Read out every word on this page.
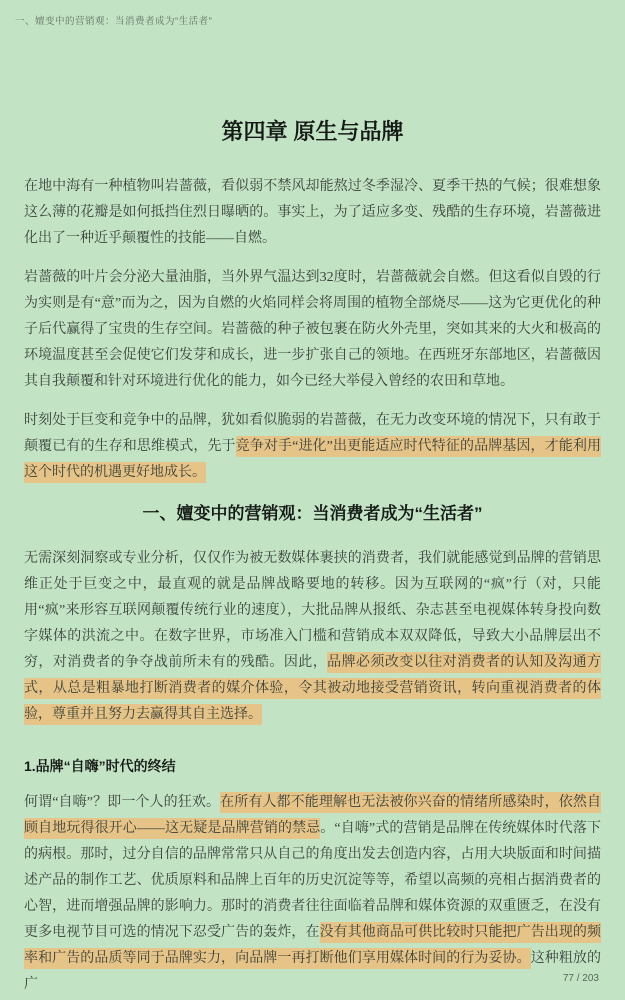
一、嬗变中的营销观：当消费者成为“生活者”
第四章 原生与品牌

在地中海有一种植物叫岩蔷薇，看似弱不禁风却能熬过冬季湿冷、夏季干热的气候；很难想象这么薄的花瓣是如何抵挡住烈日曝晒的。事实上，为了适应多变、残酷的生存环境，岩蔷薇进化出了一种近乎颠覆性的技能——自燃。

岩蔷薇的叶片会分泌大量油脂，当外界气温达到32度时，岩蔷薇就会自燃。但这看似自毁的行为实则是有“意”而为之，因为自燃的火焰同样会将周围的植物全部烧尽——这为它更优化的种子后代赢得了宝贵的生存空间。岩蔷薇的种子被包裹在防火外壳里，突如其来的大火和极高的环境温度甚至会促使它们发芽和成长，进一步扩张自己的领地。在西班牙东部地区，岩蔷薇因其自我颠覆和针对环境进行优化的能力，如今已经大举侵入曾经的农田和草地。

时刻处于巨变和竞争中的品牌，犹如看似脆弱的岩蔷薇，在无力改变环境的情况下，只有敢于颠覆已有的生存和思维模式，先于竞争对手“进化”出更能适应时代特征的品牌基因，才能利用这个时代的机遇更好地成长。

一、嬗变中的营销观：当消费者成为“生活者”

无需深刻洞察或专业分析，仅仅作为被无数媒体裹挟的消费者，我们就能感觉到品牌的营销思维正处于巨变之中，最直观的就是品牌战略要地的转移。因为互联网的“疯”行（对，只能用“疯”来形容互联网颠覆传统行业的速度），大批品牌从报纸、杂志甚至电视媒体转身投向数字媒体的洪流之中。在数字世界，市场准入门槛和营销成本双双降低，导致大小品牌层出不穷，对消费者的争夺战前所未有的残酷。因此，品牌必须改变以往对消费者的认知及沟通方式，从总是粗暴地打断消费者的媒介体验，令其被动地接受营销资讯，转向重视消费者的体验，尊重并且努力去赢得其自主选择。

1.品牌“自嗨”时代的终结

何谓“自嗨”？即一个人的狂欢。在所有人都不能理解也无法被你兴奋的情绪所感染时，依然自顾自地玩得很开心——这无疑是品牌营销的禁忌。“自嗨”式的营销是品牌在传统媒体时代落下的病根。那时，过分自信的品牌常常只从自己的角度出发去创造内容，占用大块版面和时间描述产品的制作工艺、优质原料和品牌上百年的历史沉淀等等，希望以高频的亮相占据消费者的心智，进而增强品牌的影响力。那时的消费者往往面临着品牌和媒体资源的双重匮乏，在没有更多电视节目可选的情况下忍受广告的轰炸，在没有其他商品可供比较时只能把广告出现的频率和广告的品质等同于品牌实力，向品牌一再打断他们享用媒体时间的行为妥协。这种粗放的广	77 / 203
